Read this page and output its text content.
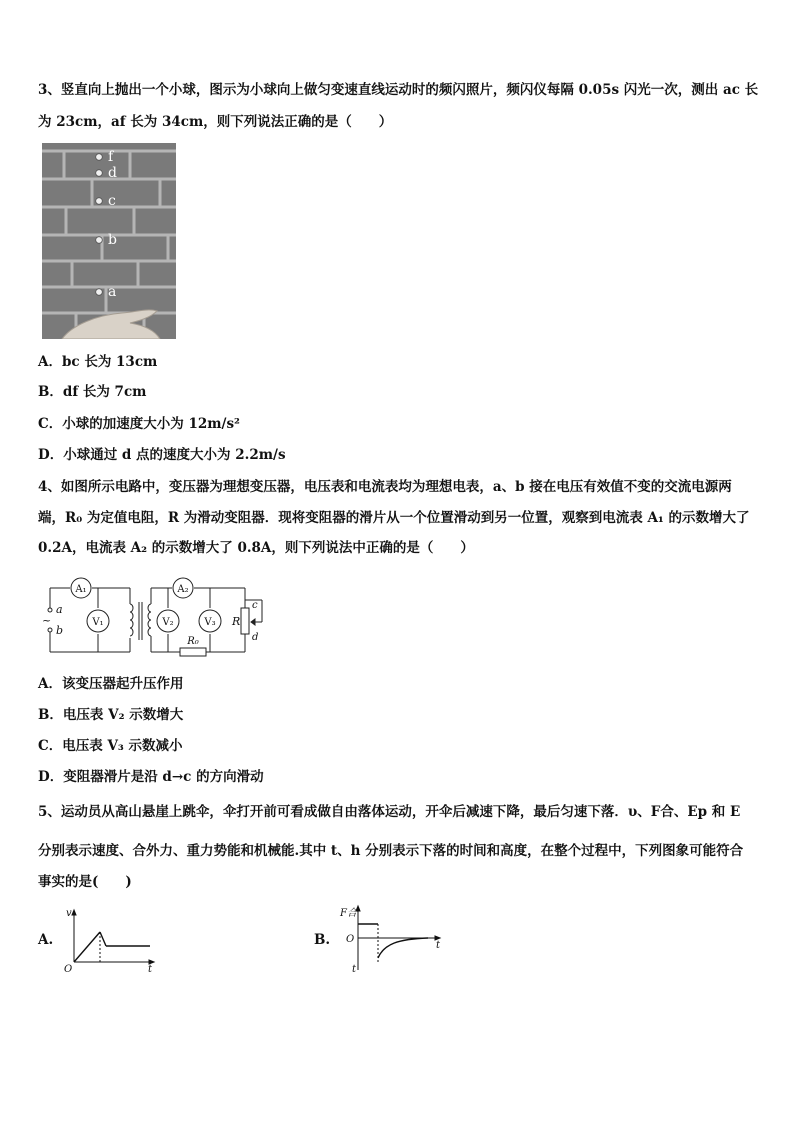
3、竖直向上抛出一个小球，图示为小球向上做匀变速直线运动时的频闪照片，频闪仪每隔 0.05s 闪光一次，测出 ac 长
为 23cm，af 长为 34cm，则下列说法正确的是（　　）
f
d
c
b
a
A．bc 长为 13cm
B．df 长为 7cm
C．小球的加速度大小为 12m/s²
D．小球通过 d 点的速度大小为 2.2m/s
4、如图所示电路中，变压器为理想变压器，电压表和电流表均为理想电表，a、b 接在电压有效值不变的交流电源两
端，R₀ 为定值电阻，R 为滑动变阻器．现将变阻器的滑片从一个位置滑动到另一位置，观察到电流表 A₁ 的示数增大了
0.2A，电流表 A₂ 的示数增大了 0.8A，则下列说法中正确的是（　　）
A₁
V₁
A₂
V₂	V₃
R₀
a
b
~	R
c
d
A．该变压器起升压作用
B．电压表 V₂ 示数增大
C．电压表 V₃ 示数减小
D．变阻器滑片是沿 d→c 的方向滑动
5、运动员从高山悬崖上跳伞，伞打开前可看成做自由落体运动，开伞后减速下降，最后匀速下落．υ、F合、Ep 和 E
分别表示速度、合外力、重力势能和机械能.其中 t、h 分别表示下落的时间和高度，在整个过程中，下列图象可能符合
事实的是(　　)
A.
v
O	t
B.
F合
O
t
t
